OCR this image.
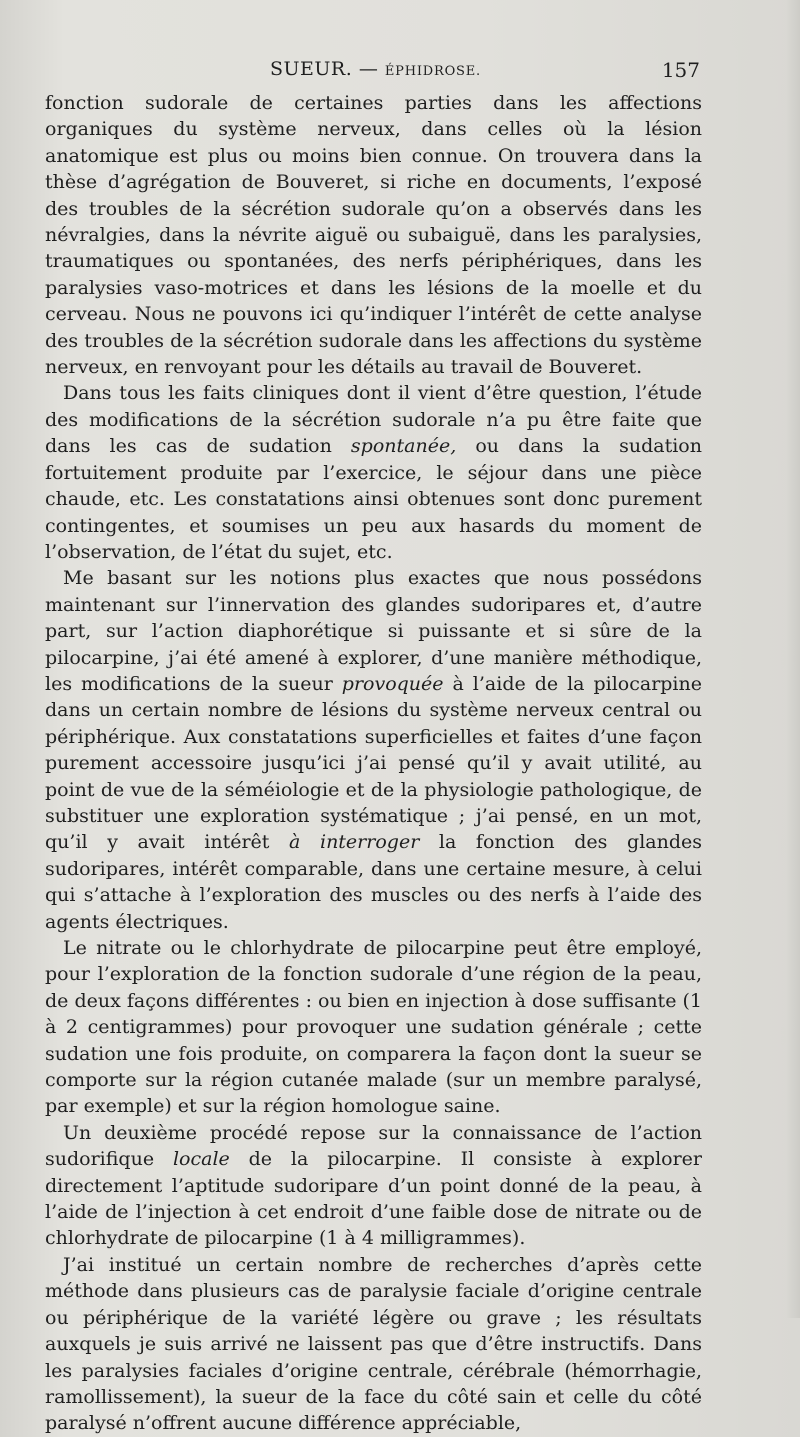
SUEUR. — ÉPHIDROSE.	157

fonction sudorale de certaines parties dans les affections organiques du système nerveux, dans celles où la lésion anatomique est plus ou moins bien connue. On trouvera dans la thèse d’agrégation de Bouveret, si riche en documents, l’exposé des troubles de la sécrétion sudorale qu’on a observés dans les névralgies, dans la névrite aiguë ou subaiguë, dans les paralysies, traumatiques ou spontanées, des nerfs périphériques, dans les paralysies vaso-motrices et dans les lésions de la moelle et du cerveau. Nous ne pouvons ici qu’indiquer l’intérêt de cette analyse des troubles de la sécrétion sudorale dans les affections du système nerveux, en renvoyant pour les détails au travail de Bouveret.

Dans tous les faits cliniques dont il vient d’être question, l’étude des modifications de la sécrétion sudorale n’a pu être faite que dans les cas de sudation spontanée, ou dans la sudation fortuitement produite par l’exercice, le séjour dans une pièce chaude, etc. Les constatations ainsi obtenues sont donc purement contingentes, et soumises un peu aux hasards du moment de l’observation, de l’état du sujet, etc.

Me basant sur les notions plus exactes que nous possédons maintenant sur l’innervation des glandes sudoripares et, d’autre part, sur l’action diaphorétique si puissante et si sûre de la pilocarpine, j’ai été amené à explorer, d’une manière méthodique, les modifications de la sueur provoquée à l’aide de la pilocarpine dans un certain nombre de lésions du système nerveux central ou périphérique. Aux constatations superficielles et faites d’une façon purement accessoire jusqu’ici j’ai pensé qu’il y avait utilité, au point de vue de la séméiologie et de la physiologie pathologique, de substituer une exploration systématique ; j’ai pensé, en un mot, qu’il y avait intérêt à interroger la fonction des glandes sudoripares, intérêt comparable, dans une certaine mesure, à celui qui s’attache à l’exploration des muscles ou des nerfs à l’aide des agents électriques.

Le nitrate ou le chlorhydrate de pilocarpine peut être employé, pour l’exploration de la fonction sudorale d’une région de la peau, de deux façons différentes : ou bien en injection à dose suffisante (1 à 2 centigrammes) pour provoquer une sudation générale ; cette sudation une fois produite, on comparera la façon dont la sueur se comporte sur la région cutanée malade (sur un membre paralysé, par exemple) et sur la région homologue saine.

Un deuxième procédé repose sur la connaissance de l’action sudorifique locale de la pilocarpine. Il consiste à explorer directement l’aptitude sudoripare d’un point donné de la peau, à l’aide de l’injection à cet endroit d’une faible dose de nitrate ou de chlorhydrate de pilocarpine (1 à 4 milligrammes).

J’ai institué un certain nombre de recherches d’après cette méthode dans plusieurs cas de paralysie faciale d’origine centrale ou périphérique de la variété légère ou grave ; les résultats auxquels je suis arrivé ne laissent pas que d’être instructifs. Dans les paralysies faciales d’origine centrale, cérébrale (hémorrhagie, ramollissement), la sueur de la face du côté sain et celle du côté paralysé n’offrent aucune différence appréciable,
